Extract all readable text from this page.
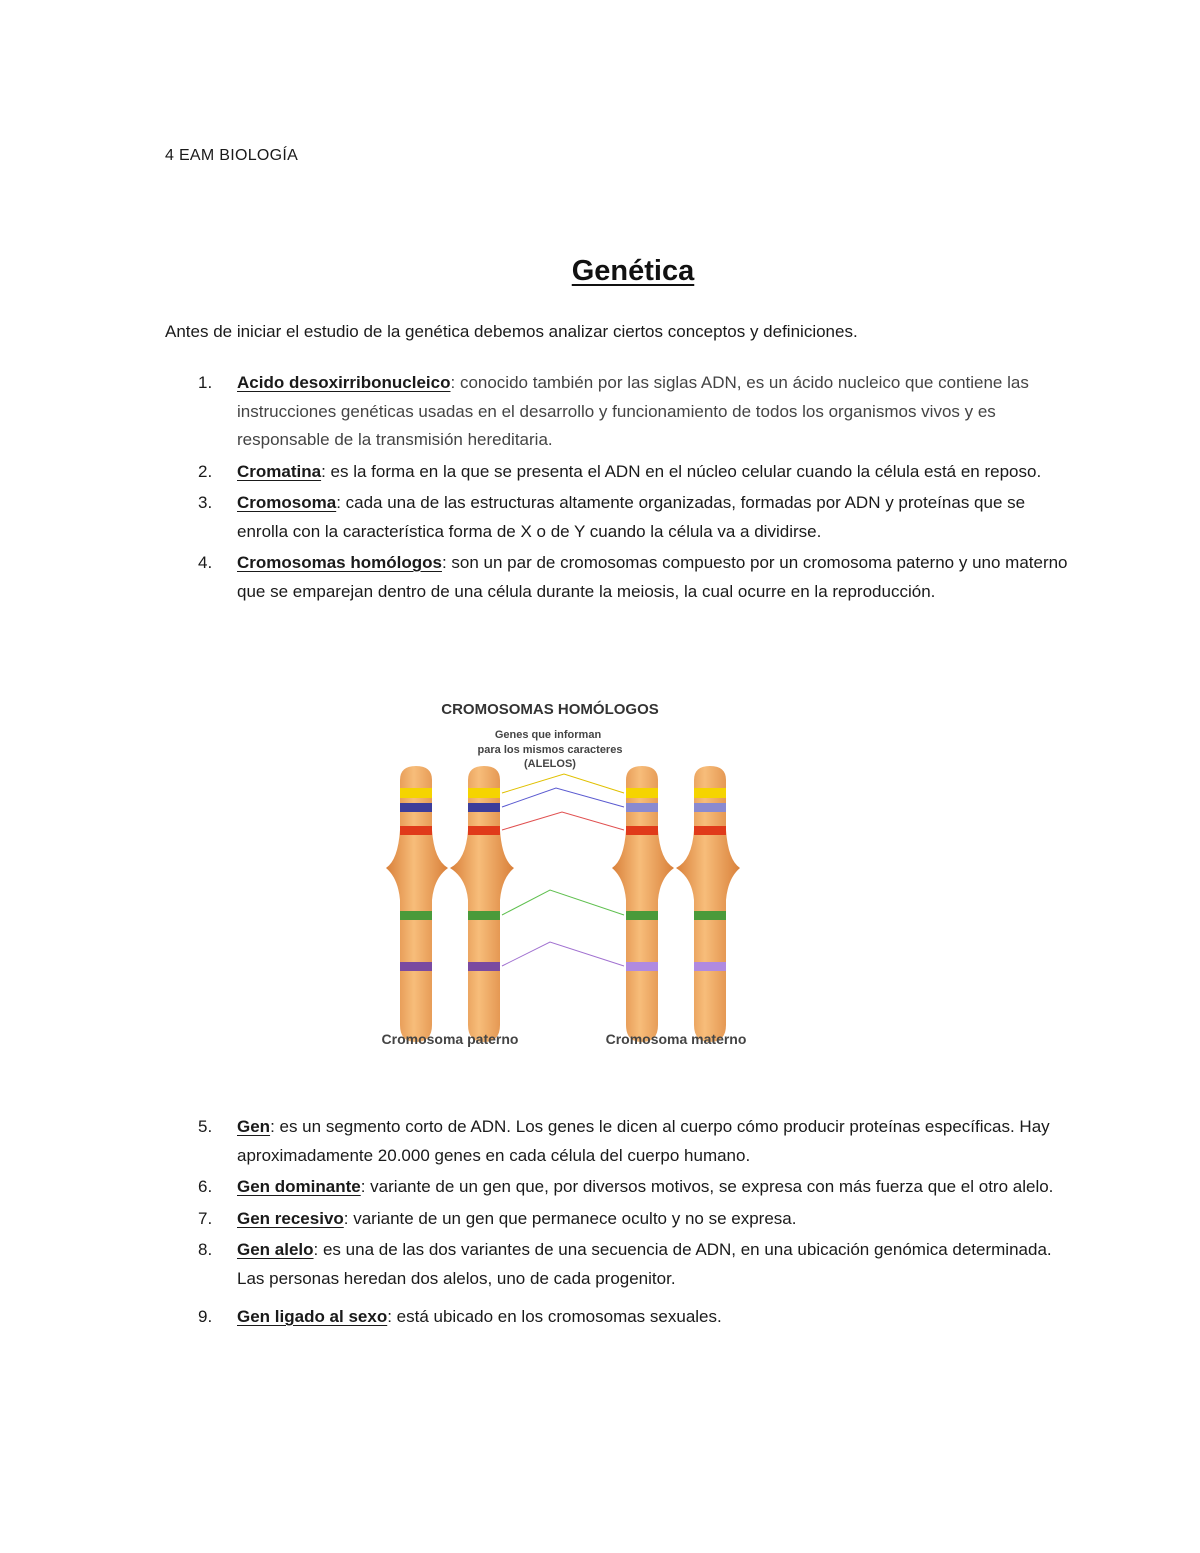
4 EAM BIOLOGÍA
Genética
Antes de iniciar el estudio de la genética debemos analizar ciertos conceptos y definiciones.
1. Acido desoxirribonucleico: conocido también por las siglas ADN, es un ácido nucleico que contiene las instrucciones genéticas usadas en el desarrollo y funcionamiento de todos los organismos vivos y es responsable de la transmisión hereditaria.
2. Cromatina: es la forma en la que se presenta el ADN en el núcleo celular cuando la célula está en reposo.
3. Cromosoma: cada una de las estructuras altamente organizadas, formadas por ADN y proteínas que se enrolla con la característica forma de X o de Y cuando la célula va a dividirse.
4. Cromosomas homólogos: son un par de cromosomas compuesto por un cromosoma paterno y uno materno que se emparejan dentro de una célula durante la meiosis, la cual ocurre en la reproducción.
CROMOSOMAS HOMÓLOGOS
Genes que informan
para los mismos caracteres
(ALELOS)
Cromosoma paterno	Cromosoma materno
5. Gen: es un segmento corto de ADN. Los genes le dicen al cuerpo cómo producir proteínas específicas. Hay aproximadamente 20.000 genes en cada célula del cuerpo humano.
6. Gen dominante: variante de un gen que, por diversos motivos, se expresa con más fuerza que el otro alelo.
7. Gen recesivo: variante de un gen que permanece oculto y no se expresa.
8. Gen alelo: es una de las dos variantes de una secuencia de ADN, en una ubicación genómica determinada. Las personas heredan dos alelos, uno de cada progenitor.
9. Gen ligado al sexo: está ubicado en los cromosomas sexuales.
